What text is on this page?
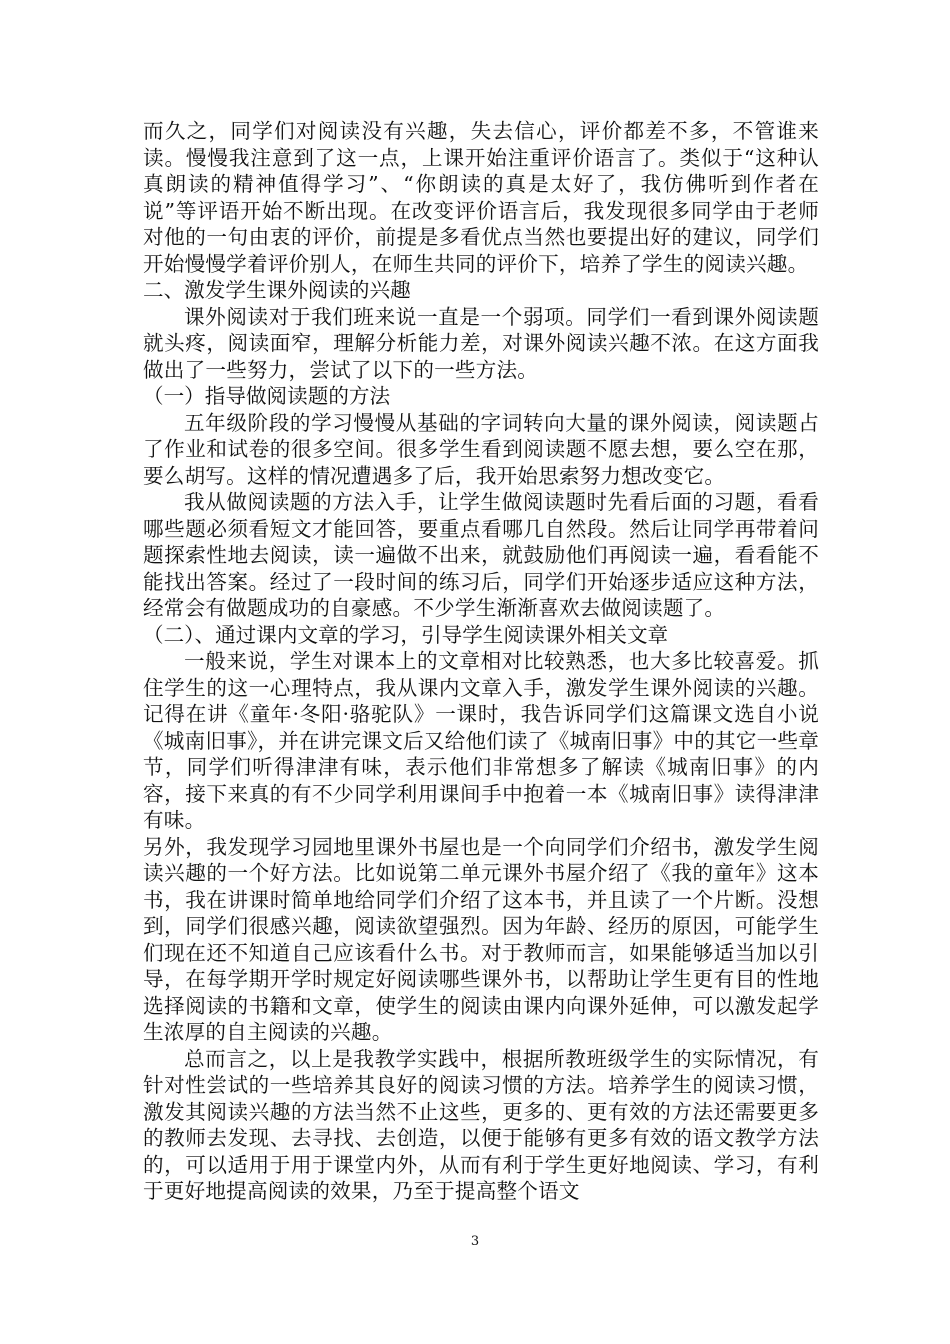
而久之，同学们对阅读没有兴趣，失去信心，评价都差不多，不管谁来读。慢慢我注意到了这一点，上课开始注重评价语言了。类似于“这种认真朗读的精神值得学习”、“你朗读的真是太好了，我仿佛听到作者在说”等评语开始不断出现。在改变评价语言后，我发现很多同学由于老师对他的一句由衷的评价，前提是多看优点当然也要提出好的建议，同学们开始慢慢学着评价别人，在师生共同的评价下，培养了学生的阅读兴趣。

二、激发学生课外阅读的兴趣

课外阅读对于我们班来说一直是一个弱项。同学们一看到课外阅读题就头疼，阅读面窄，理解分析能力差，对课外阅读兴趣不浓。在这方面我做出了一些努力，尝试了以下的一些方法。

（一）指导做阅读题的方法

五年级阶段的学习慢慢从基础的字词转向大量的课外阅读，阅读题占了作业和试卷的很多空间。很多学生看到阅读题不愿去想，要么空在那，要么胡写。这样的情况遭遇多了后，我开始思索努力想改变它。

我从做阅读题的方法入手，让学生做阅读题时先看后面的习题，看看哪些题必须看短文才能回答，要重点看哪几自然段。然后让同学再带着问题探索性地去阅读，读一遍做不出来，就鼓励他们再阅读一遍，看看能不能找出答案。经过了一段时间的练习后，同学们开始逐步适应这种方法，经常会有做题成功的自豪感。不少学生渐渐喜欢去做阅读题了。

（二）、通过课内文章的学习，引导学生阅读课外相关文章

一般来说，学生对课本上的文章相对比较熟悉，也大多比较喜爱。抓住学生的这一心理特点，我从课内文章入手，激发学生课外阅读的兴趣。记得在讲《童年·冬阳·骆驼队》一课时，我告诉同学们这篇课文选自小说《城南旧事》，并在讲完课文后又给他们读了《城南旧事》中的其它一些章节，同学们听得津津有味，表示他们非常想多了解读《城南旧事》的内容，接下来真的有不少同学利用课间手中抱着一本《城南旧事》读得津津有味。

另外，我发现学习园地里课外书屋也是一个向同学们介绍书，激发学生阅读兴趣的一个好方法。比如说第二单元课外书屋介绍了《我的童年》这本书，我在讲课时简单地给同学们介绍了这本书，并且读了一个片断。没想到，同学们很感兴趣，阅读欲望强烈。因为年龄、经历的原因，可能学生们现在还不知道自己应该看什么书。对于教师而言，如果能够适当加以引导，在每学期开学时规定好阅读哪些课外书，以帮助让学生更有目的性地选择阅读的书籍和文章，使学生的阅读由课内向课外延伸，可以激发起学生浓厚的自主阅读的兴趣。

总而言之，以上是我教学实践中，根据所教班级学生的实际情况，有针对性尝试的一些培养其良好的阅读习惯的方法。培养学生的阅读习惯，激发其阅读兴趣的方法当然不止这些，更多的、更有效的方法还需要更多的教师去发现、去寻找、去创造，以便于能够有更多有效的语文教学方法的，可以适用于用于课堂内外，从而有利于学生更好地阅读、学习，有利于更好地提高阅读的效果，乃至于提高整个语文

3
